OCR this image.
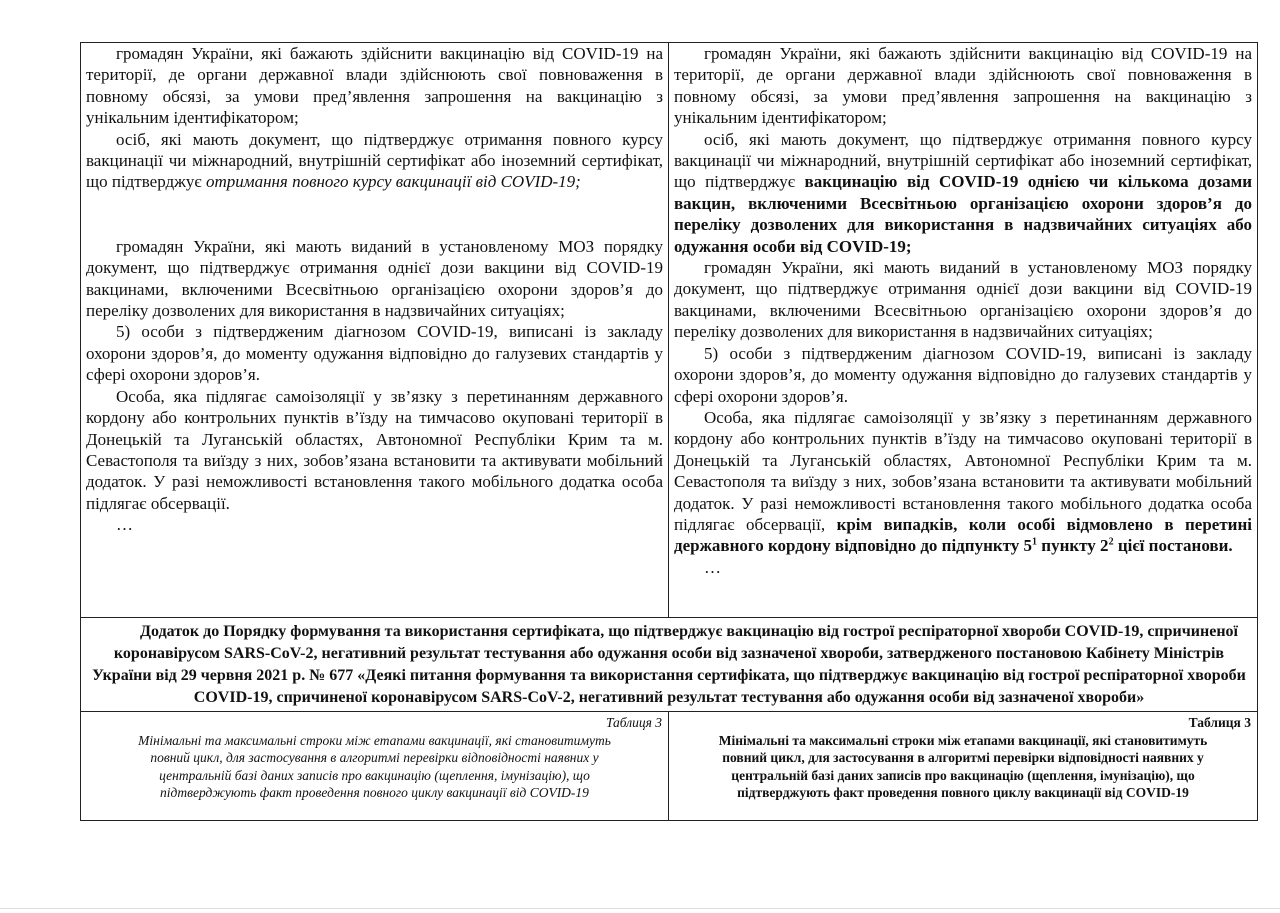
громадян України, які бажають здійснити вакцинацію від COVID-19 на території, де органи державної влади здійснюють свої повноваження в повному обсязі, за умови пред’явлення запрошення на вакцинацію з унікальним ідентифікатором;

осіб, які мають документ, що підтверджує отримання повного курсу вакцинації чи міжнародний, внутрішній сертифікат або іноземний сертифікат, що підтверджує отримання повного курсу вакцинації від COVID-19;

громадян України, які мають виданий в установленому МОЗ порядку документ, що підтверджує отримання однієї дози вакцини від COVID-19 вакцинами, включеними Всесвітньою організацією охорони здоров’я до переліку дозволених для використання в надзвичайних ситуаціях;

5) особи з підтвердженим діагнозом COVID-19, виписані із закладу охорони здоров’я, до моменту одужання відповідно до галузевих стандартів у сфері охорони здоров’я.

Особа, яка підлягає самоізоляції у зв’язку з перетинанням державного кордону або контрольних пунктів в’їзду на тимчасово окуповані території в Донецькій та Луганській областях, Автономної Республіки Крим та м. Севастополя та виїзду з них, зобов’язана встановити та активувати мобільний додаток. У разі неможливості встановлення такого мобільного додатка особа підлягає обсервації.

…

громадян України, які бажають здійснити вакцинацію від COVID-19 на території, де органи державної влади здійснюють свої повноваження в повному обсязі, за умови пред’явлення запрошення на вакцинацію з унікальним ідентифікатором;

осіб, які мають документ, що підтверджує отримання повного курсу вакцинації чи міжнародний, внутрішній сертифікат або іноземний сертифікат, що підтверджує вакцинацію від COVID-19 однією чи кількома дозами вакцин, включеними Всесвітньою організацією охорони здоров’я до переліку дозволених для використання в надзвичайних ситуаціях або одужання особи від COVID-19;

громадян України, які мають виданий в установленому МОЗ порядку документ, що підтверджує отримання однієї дози вакцини від COVID-19 вакцинами, включеними Всесвітньою організацією охорони здоров’я до переліку дозволених для використання в надзвичайних ситуаціях;

5) особи з підтвердженим діагнозом COVID-19, виписані із закладу охорони здоров’я, до моменту одужання відповідно до галузевих стандартів у сфері охорони здоров’я.

Особа, яка підлягає самоізоляції у зв’язку з перетинанням державного кордону або контрольних пунктів в’їзду на тимчасово окуповані території в Донецькій та Луганській областях, Автономної Республіки Крим та м. Севастополя та виїзду з них, зобов’язана встановити та активувати мобільний додаток. У разі неможливості встановлення такого мобільного додатка особа підлягає обсервації, крім випадків, коли особі відмовлено в перетині державного кордону відповідно до підпункту $5^1$ пункту $2^2$ цієї постанови.

…

Додаток до Порядку формування та використання сертифіката, що підтверджує вакцинацію від гострої респіраторної хвороби COVID-19, спричиненої коронавірусом SARS-CoV-2, негативний результат тестування або одужання особи від зазначеної хвороби, затвердженого постановою Кабінету Міністрів України від 29 червня 2021 р. № 677 «Деякі питання формування та використання сертифіката, що підтверджує вакцинацію від гострої респіраторної хвороби COVID-19, спричиненої коронавірусом SARS-CoV-2, негативний результат тестування або одужання особи від зазначеної хвороби»
Таблиця 3
Мінімальні та максимальні строки між етапами вакцинації, які становитимуть повний цикл, для застосування в алгоритмі перевірки відповідності наявних у центральній базі даних записів про вакцинацію (щеплення, імунізацію), що підтверджують факт проведення повного циклу вакцинації від COVID-19
Таблиця 3
Мінімальні та максимальні строки між етапами вакцинації, які становитимуть повний цикл, для застосування в алгоритмі перевірки відповідності наявних у центральній базі даних записів про вакцинацію (щеплення, імунізацію), що підтверджують факт проведення повного циклу вакцинації від COVID-19
